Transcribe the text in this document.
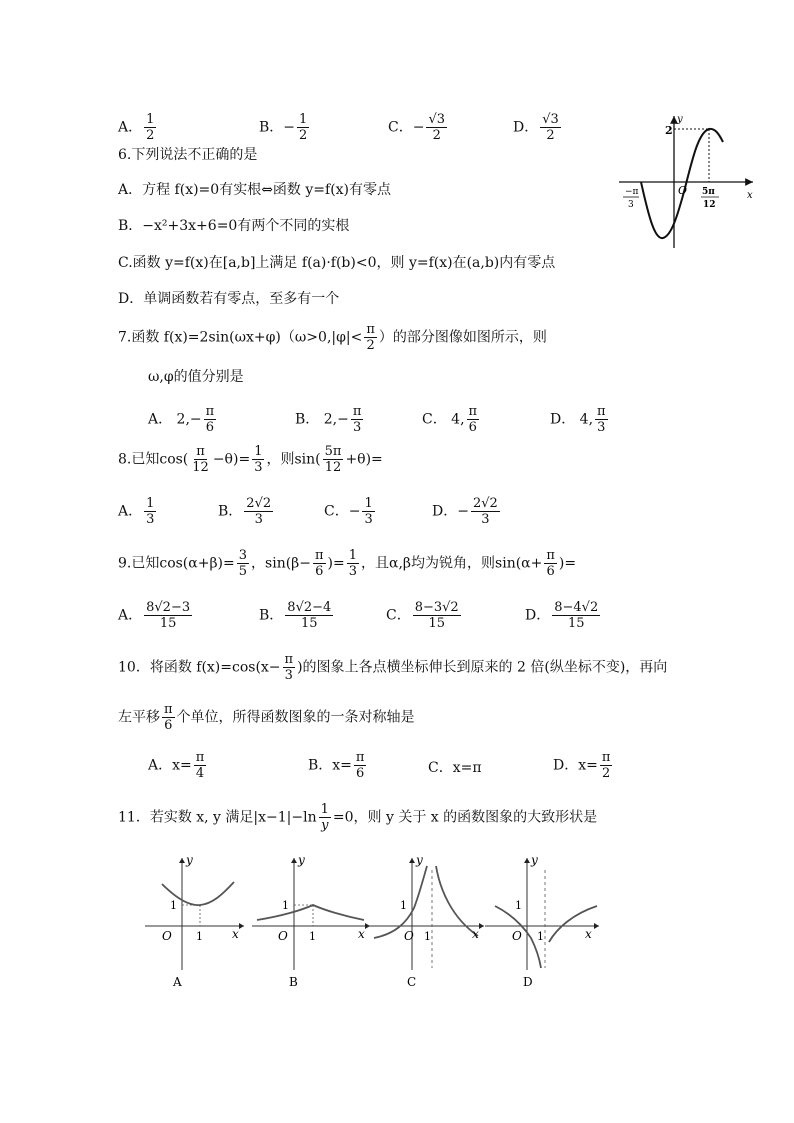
A． $\frac{1}{2}$	B．− $\frac{1}{2}$	C．− $\frac{√3}{2}$	D． $\frac{√3}{2}$
6.下列说法不正确的是
A．方程 f(x)=0有实根⇔函数 y=f(x)有零点
B．−x²+3x+6=0有两个不同的实根
C.函数 y=f(x)在[a,b]上满足 f(a)·f(b)<0，则 y=f(x)在(a,b)内有零点
D．单调函数若有零点，至多有一个
2
y
x
O
−π
3
5π
12
7.函数 $f(x)=2\sin(\omega x+\varphi)(\omega>0,|\varphi|< \frac{\pi}{2}$ ）的部分图像如图所示，则
ω,φ的值分别是
A． $2,- \frac{\pi}{6}$	B． $2,- \frac{\pi}{3}$	C． 4, $\frac{\pi}{6}$	D． 4, $\frac{\pi}{3}$
8.已知$\cos( \frac{\pi}{12} -\theta)= \frac{1}{3}$ ，则$\sin( \frac{5\pi}{12} +\theta)=$
A． $\frac{1}{3}$	B． $\frac{2√2}{3}$	C．− $\frac{1}{3}$	D．− $\frac{2√2}{3}$
9.已知$\cos(\alpha+\beta)= \frac{3}{5}$ ，$\sin(\beta- \frac{\pi}{6}$ )= $\frac{1}{3}$ ，且α,β均为锐角，则$\sin(\alpha+ \frac{\pi}{6}$ )=
A． $\frac{8√2-3}{15}$	B． $\frac{8√2-4}{15}$	C． $\frac{8-3√2}{15}$	D． $\frac{8-4√2}{15}$
10．将函数 $f(x)=\cos(x- \frac{\pi}{3}$ )的图象上各点横坐标伸长到原来的 2 倍(纵坐标不变)，再向
左平移 $\frac{\pi}{6}$ 个单位，所得函数图象的一条对称轴是
A．$x= \frac{\pi}{4}$	B．$x= \frac{\pi}{6}$	C．x=π	D．$x= \frac{\pi}{2}$
11．若实数 x, y 满足$|x-1|-\ln \frac{1}{y} =0$，则 y 关于 x 的函数图象的大致形状是
y
1
O 1 x
A
y
1
O 1	x
B
y
1
O 1	x
C
y
1
O 1	x
D
